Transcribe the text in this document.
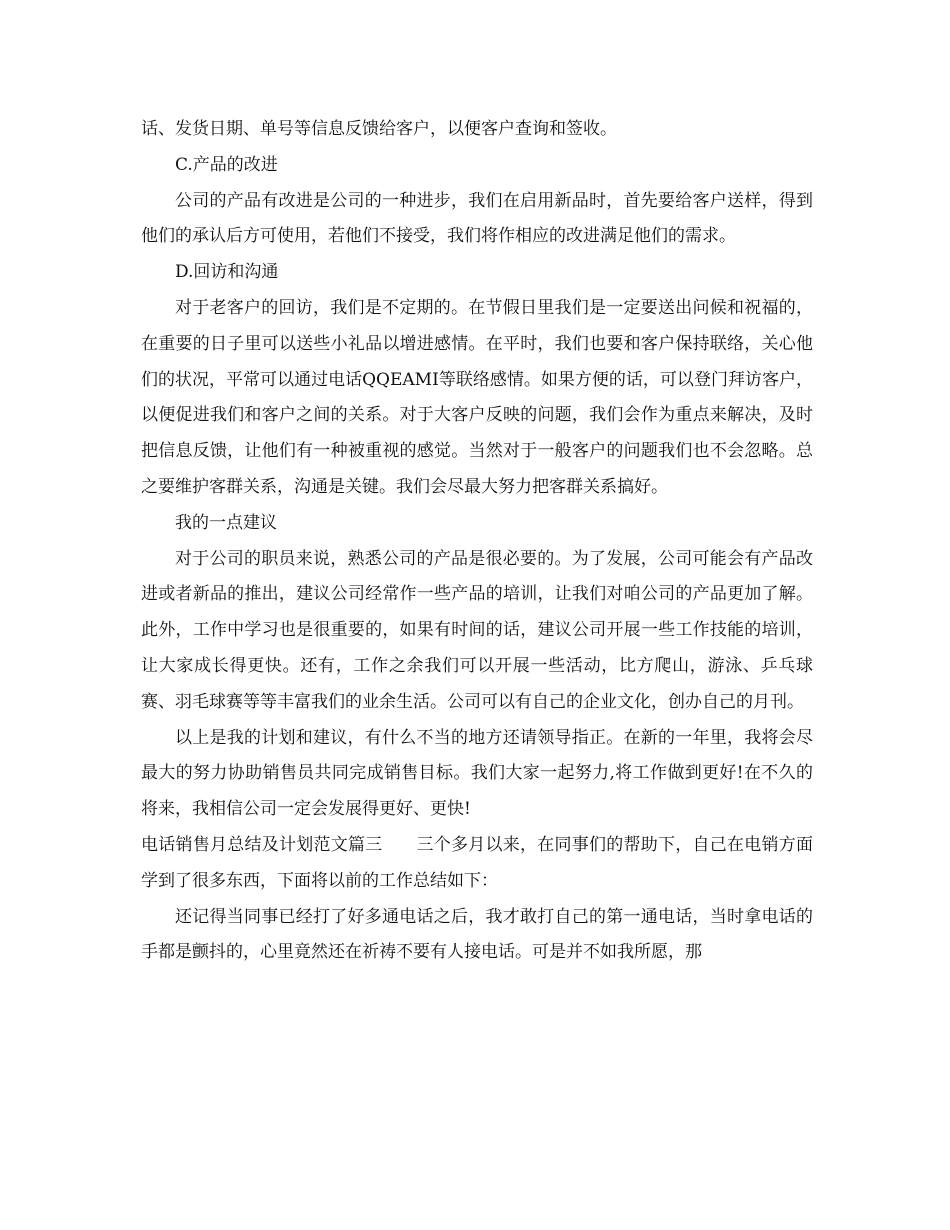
话、发货日期、单号等信息反馈给客户，以便客户查询和签收。

C.产品的改进

公司的产品有改进是公司的一种进步，我们在启用新品时，首先要给客户送样，得到他们的承认后方可使用，若他们不接受，我们将作相应的改进满足他们的需求。

D.回访和沟通

对于老客户的回访，我们是不定期的。在节假日里我们是一定要送出问候和祝福的，在重要的日子里可以送些小礼品以增进感情。在平时，我们也要和客户保持联络，关心他们的状况，平常可以通过电话QQEAMI等联络感情。如果方便的话，可以登门拜访客户，以便促进我们和客户之间的关系。对于大客户反映的问题，我们会作为重点来解决，及时把信息反馈，让他们有一种被重视的感觉。当然对于一般客户的问题我们也不会忽略。总之要维护客群关系，沟通是关键。我们会尽最大努力把客群关系搞好。

我的一点建议

对于公司的职员来说，熟悉公司的产品是很必要的。为了发展，公司可能会有产品改进或者新品的推出，建议公司经常作一些产品的培训，让我们对咱公司的产品更加了解。此外，工作中学习也是很重要的，如果有时间的话，建议公司开展一些工作技能的培训，让大家成长得更快。还有，工作之余我们可以开展一些活动，比方爬山，游泳、乒乓球赛、羽毛球赛等等丰富我们的业余生活。公司可以有自己的企业文化，创办自己的月刊。

以上是我的计划和建议，有什么不当的地方还请领导指正。在新的一年里，我将会尽最大的努力协助销售员共同完成销售目标。我们大家一起努力,将工作做到更好!在不久的将来，我相信公司一定会发展得更好、更快!

电话销售月总结及计划范文篇三 三个多月以来，在同事们的帮助下，自己在电销方面学到了很多东西，下面将以前的工作总结如下：

还记得当同事已经打了好多通电话之后，我才敢打自己的第一通电话，当时拿电话的手都是颤抖的，心里竟然还在祈祷不要有人接电话。可是并不如我所愿，那
